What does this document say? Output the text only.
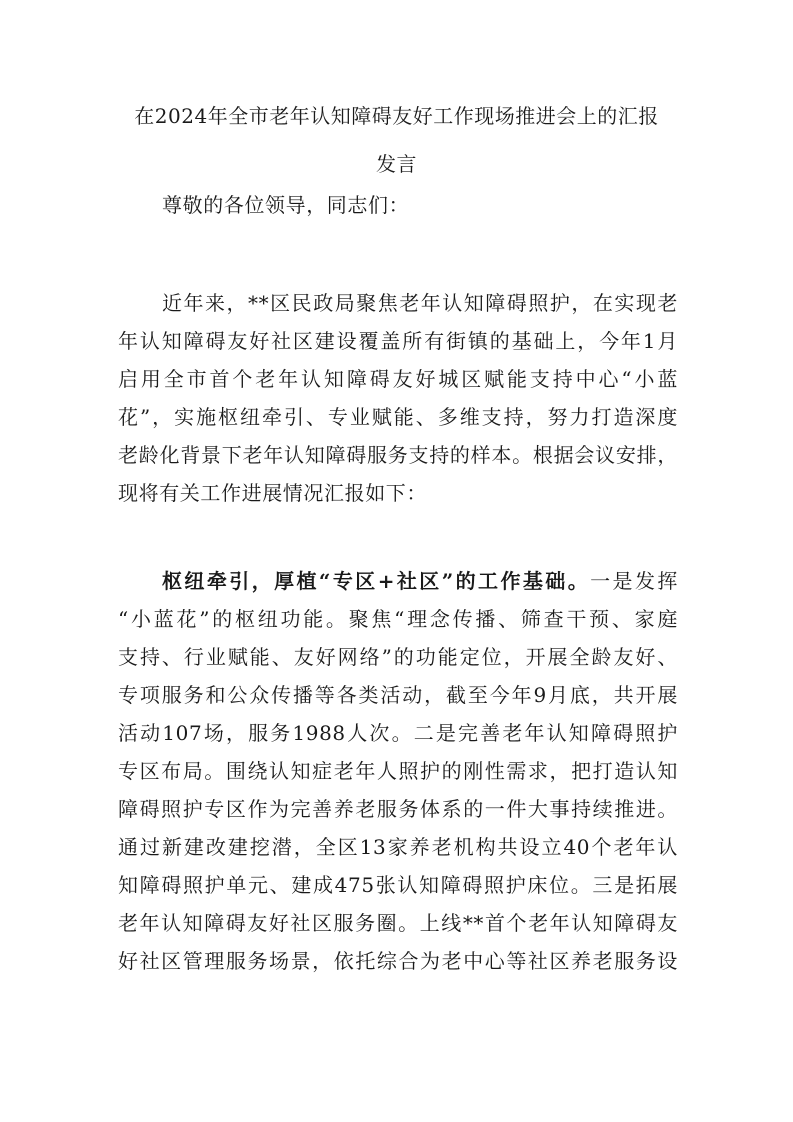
在2024年全市老年认知障碍友好工作现场推进会上的汇报
发言
尊敬的各位领导，同志们：
近年来，**区民政局聚焦老年认知障碍照护，在实现老
年认知障碍友好社区建设覆盖所有街镇的基础上，今年1月
启用全市首个老年认知障碍友好城区赋能支持中心“小蓝
花”，实施枢纽牵引、专业赋能、多维支持，努力打造深度
老龄化背景下老年认知障碍服务支持的样本。根据会议安排，
现将有关工作进展情况汇报如下：
枢纽牵引，厚植“专区+社区”的工作基础。一是发挥
“小蓝花”的枢纽功能。聚焦“理念传播、筛查干预、家庭
支持、行业赋能、友好网络”的功能定位，开展全龄友好、
专项服务和公众传播等各类活动，截至今年9月底，共开展
活动107场，服务1988人次。二是完善老年认知障碍照护
专区布局。围绕认知症老年人照护的刚性需求，把打造认知
障碍照护专区作为完善养老服务体系的一件大事持续推进。
通过新建改建挖潜，全区13家养老机构共设立40个老年认
知障碍照护单元、建成475张认知障碍照护床位。三是拓展
老年认知障碍友好社区服务圈。上线**首个老年认知障碍友
好社区管理服务场景，依托综合为老中心等社区养老服务设
